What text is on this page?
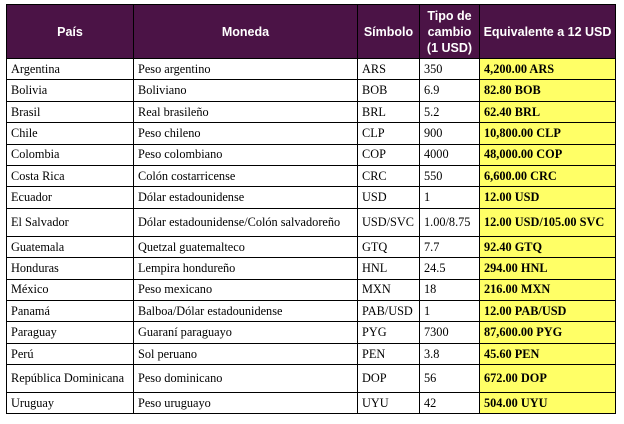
País	Moneda	Símbolo	Tipo de cambio (1 USD)	Equivalente a 12 USD
Argentina	Peso argentino	ARS	350	4,200.00 ARS
Bolivia	Boliviano	BOB	6.9	82.80 BOB
Brasil	Real brasileño	BRL	5.2	62.40 BRL
Chile	Peso chileno	CLP	900	10,800.00 CLP
Colombia	Peso colombiano	COP	4000	48,000.00 COP
Costa Rica	Colón costarricense	CRC	550	6,600.00 CRC
Ecuador	Dólar estadounidense	USD	1	12.00 USD
El Salvador	Dólar estadounidense/Colón salvadoreño	USD/SVC	1.00/8.75	12.00 USD/105.00 SVC
Guatemala	Quetzal guatemalteco	GTQ	7.7	92.40 GTQ
Honduras	Lempira hondureño	HNL	24.5	294.00 HNL
México	Peso mexicano	MXN	18	216.00 MXN
Panamá	Balboa/Dólar estadounidense	PAB/USD	1	12.00 PAB/USD
Paraguay	Guaraní paraguayo	PYG	7300	87,600.00 PYG
Perú	Sol peruano	PEN	3.8	45.60 PEN
República Dominicana	Peso dominicano	DOP	56	672.00 DOP
Uruguay	Peso uruguayo	UYU	42	504.00 UYU
